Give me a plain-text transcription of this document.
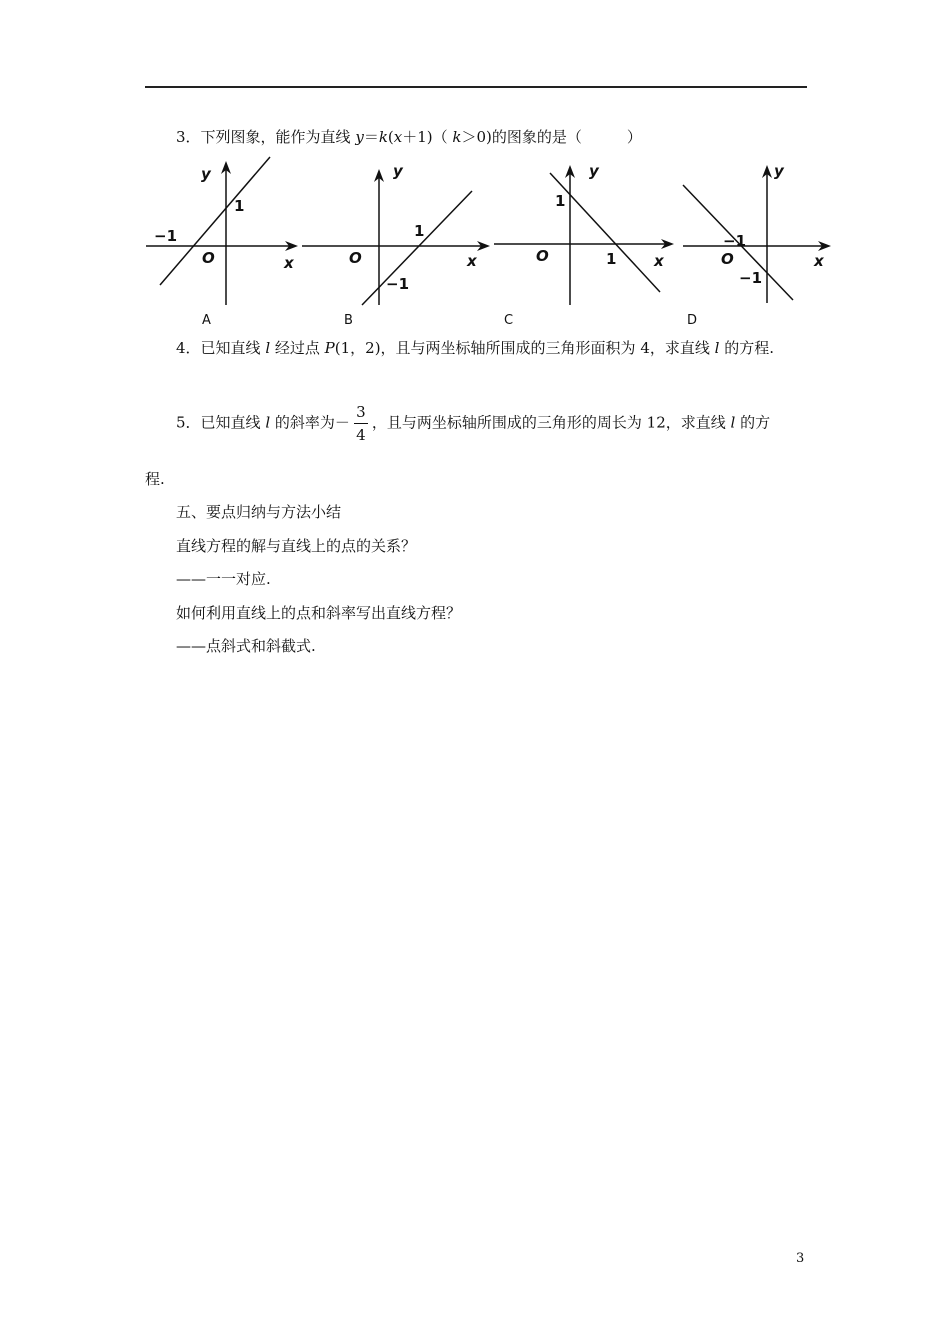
3．下列图象，能作为直线 y＝k(x＋1)（ k＞0)的图象的是（　　　）
y
x
O
1
−1
y
x
O
1
−1
y
x
O
1
1
y
x
O
−1
−1
A	B	C	D
4．已知直线 l 经过点 P(1，2)，且与两坐标轴所围成的三角形面积为 4，求直线 l 的方程.
5．已知直线 l 的斜率为－ $\frac{3}{4}$ ，且与两坐标轴所围成的三角形的周长为 12，求直线 l 的方
程.
五、要点归纳与方法小结
直线方程的解与直线上的点的关系？
——一一对应.
如何利用直线上的点和斜率写出直线方程？
——点斜式和斜截式.
3
